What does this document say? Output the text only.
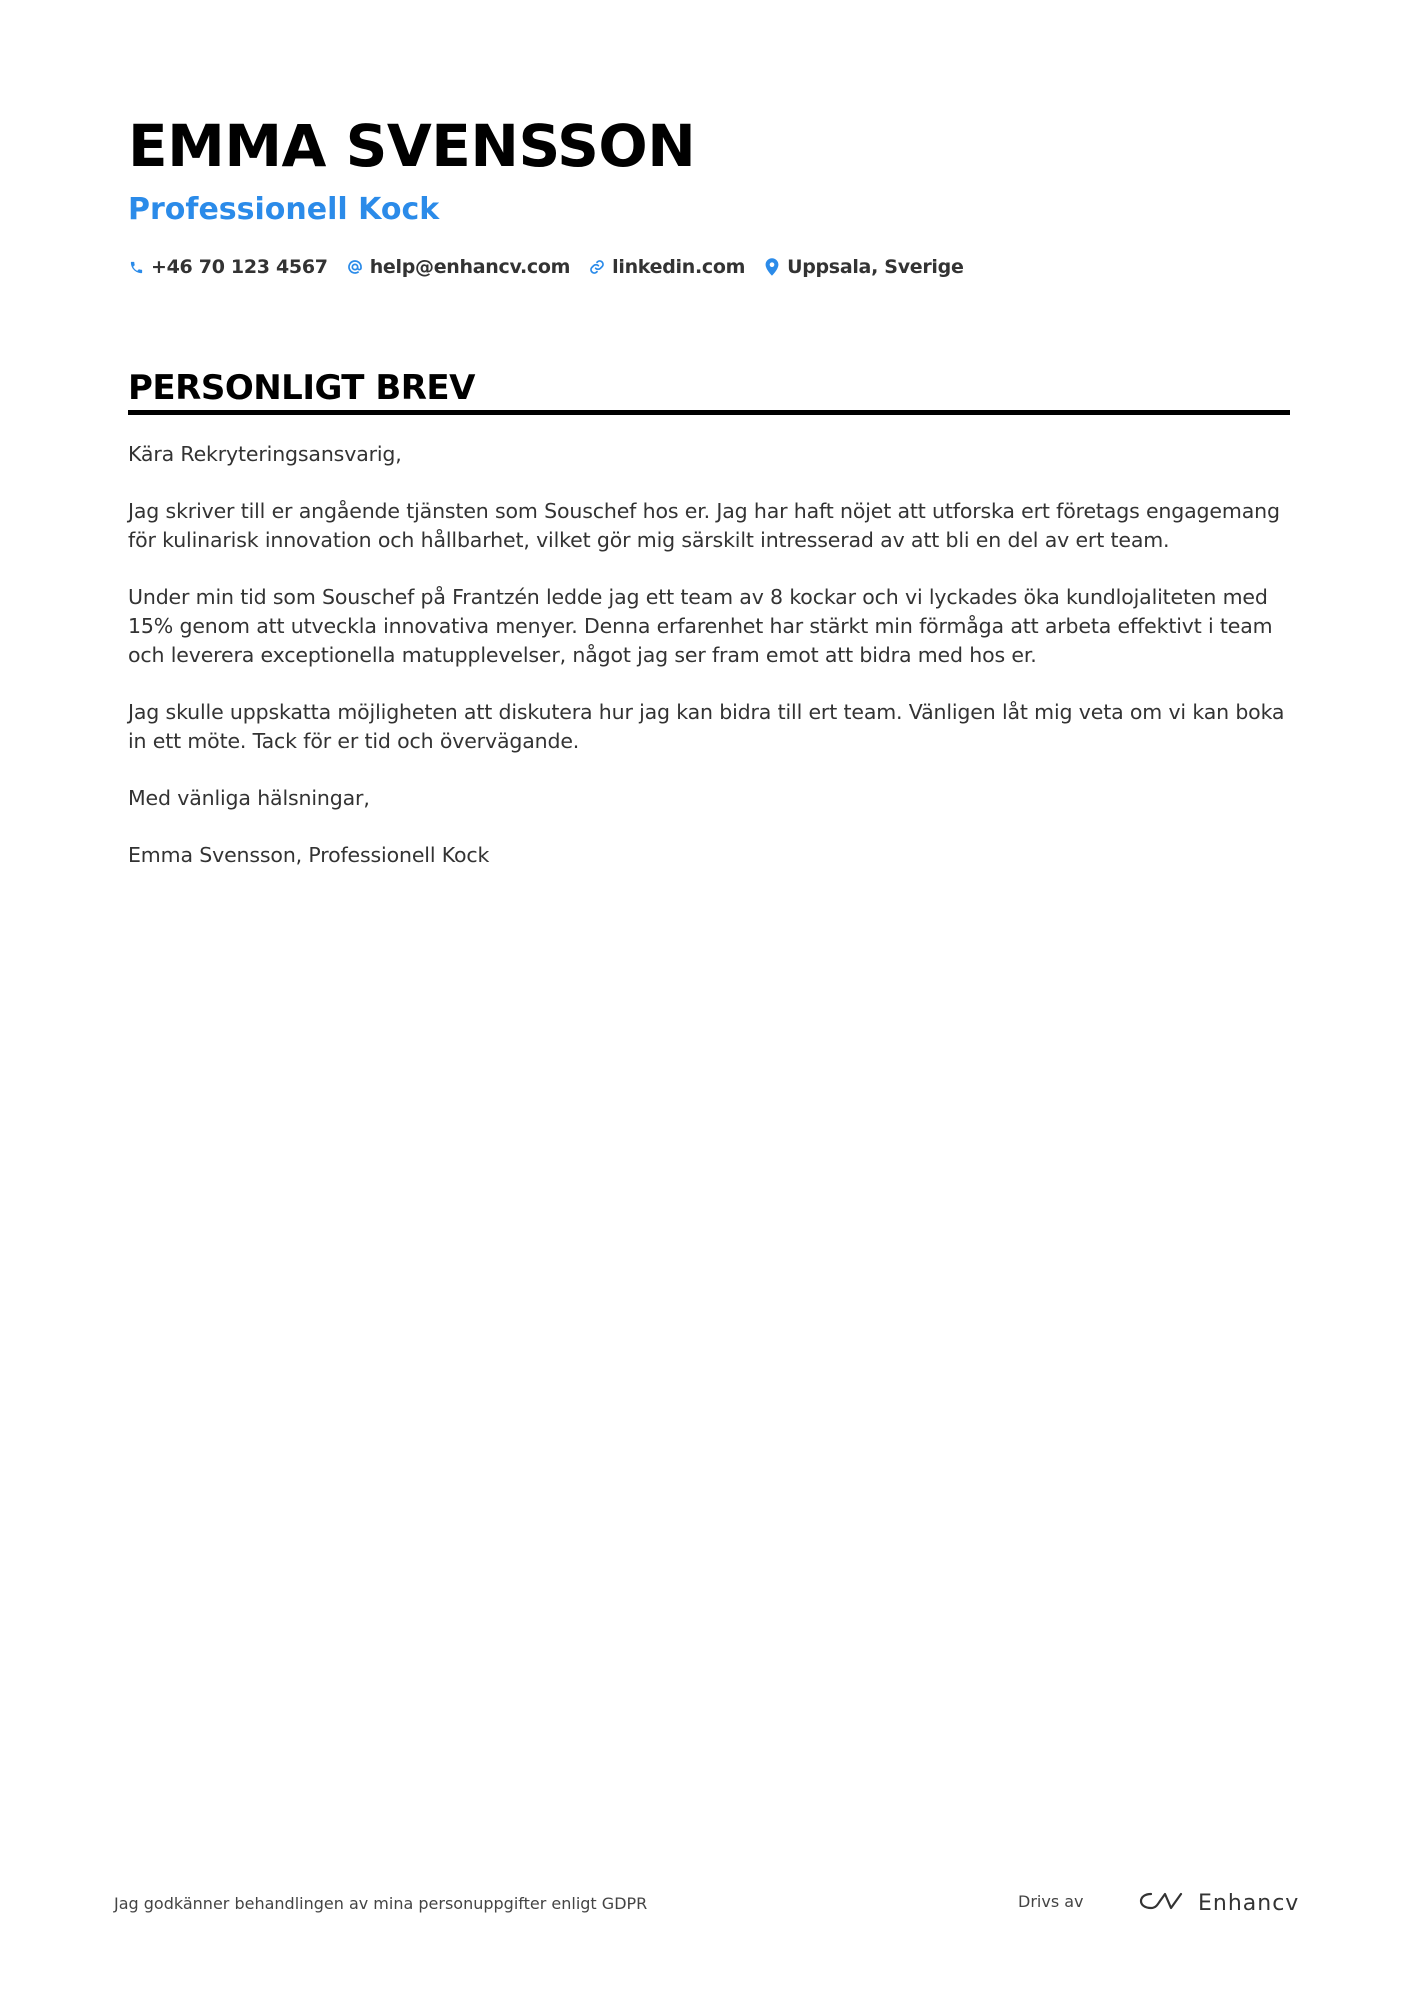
EMMA SVENSSON
Professionell Kock
+46 70 123 4567 help@enhancv.com linkedin.com Uppsala, Sverige
PERSONLIGT BREV

Kära Rekryteringsansvarig,

Jag skriver till er angående tjänsten som Souschef hos er. Jag har haft nöjet att utforska ert företags engagemang för kulinarisk innovation och hållbarhet, vilket gör mig särskilt intresserad av att bli en del av ert team.

Under min tid som Souschef på Frantzén ledde jag ett team av 8 kockar och vi lyckades öka kundlojaliteten med 15% genom att utveckla innovativa menyer. Denna erfarenhet har stärkt min förmåga att arbeta effektivt i team och leverera exceptionella matupplevelser, något jag ser fram emot att bidra med hos er.

Jag skulle uppskatta möjligheten att diskutera hur jag kan bidra till ert team. Vänligen låt mig veta om vi kan boka in ett möte. Tack för er tid och övervägande.

Med vänliga hälsningar,

Emma Svensson, Professionell Kock

Jag godkänner behandlingen av mina personuppgifter enligt GDPR	Drivs av	Enhancv
